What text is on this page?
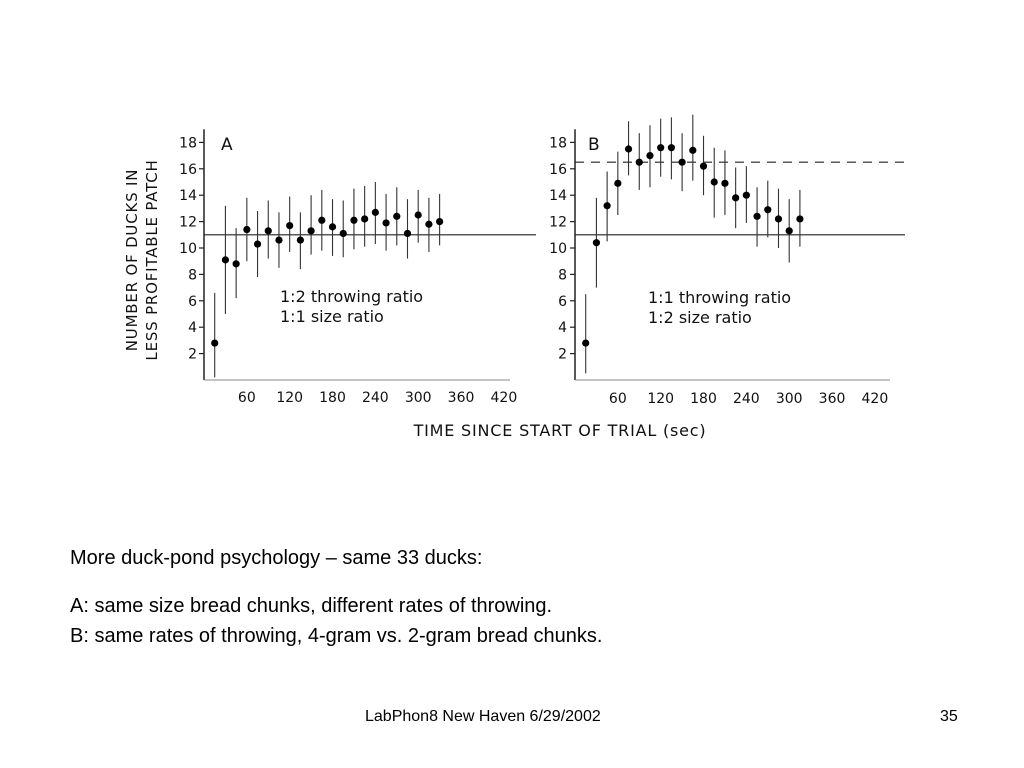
2
4
6
8
10
12
14
16
18
60 120 180 240 300 360 420
A
1:2 throwing ratio
1:1 size ratio
2
4
6
8
10
12
14
16
18
60 120 180 240 300 360 420
B
1:1 throwing ratio
1:2 size ratio
NUMBER OF DUCKS IN LESS PROFITABLE PATCH
TIME SINCE START OF TRIAL (sec)

More duck-pond psychology – same 33 ducks:

A: same size bread chunks, different rates of throwing.

B: same rates of throwing, 4-gram vs. 2-gram bread chunks.

LabPhon8 New Haven 6/29/2002	35
